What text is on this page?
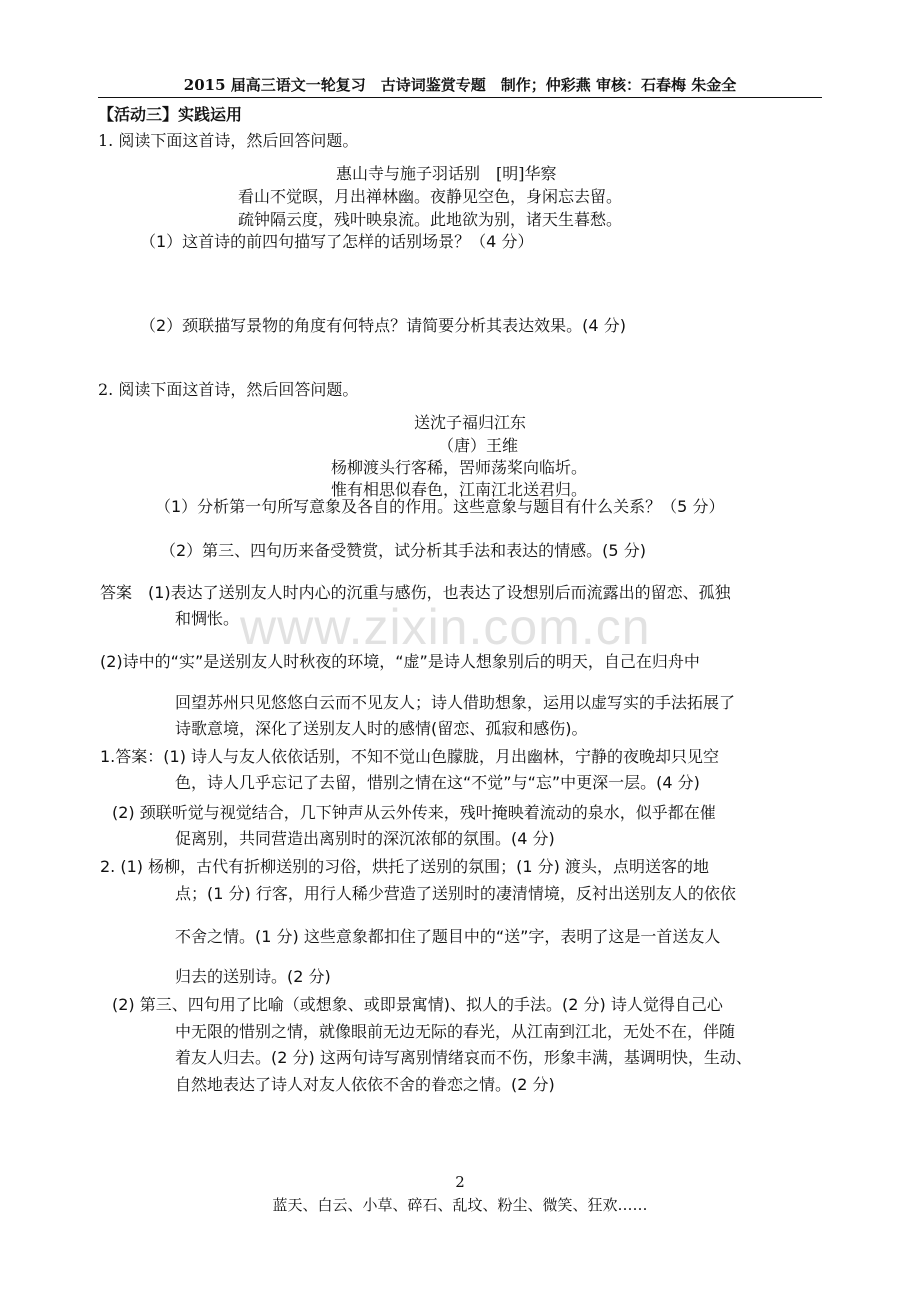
2015 届高三语文一轮复习　古诗词鉴赏专题　制作；仲彩燕 审核：石春梅 朱金全
【活动三】实践运用
1. 阅读下面这首诗，然后回答问题。
惠山寺与施子羽话别　[明]华察
看山不觉暝，月出禅林幽。夜静见空色，身闲忘去留。
疏钟隔云度，残叶映泉流。此地欲为别，诸天生暮愁。
（1）这首诗的前四句描写了怎样的话别场景？（4 分）
（2）颈联描写景物的角度有何特点？请简要分析其表达效果。(4 分)
2. 阅读下面这首诗，然后回答问题。
送沈子福归江东
（唐）王维
杨柳渡头行客稀，罟师荡桨向临圻。
惟有相思似春色，江南江北送君归。
（1）分析第一句所写意象及各自的作用。这些意象与题目有什么关系？（5 分）
（2）第三、四句历来备受赞赏，试分析其手法和表达的情感。(5 分)
答案　(1)表达了送别友人时内心的沉重与感伤，也表达了设想别后而流露出的留恋、孤独
和惆怅。
(2)诗中的“实”是送别友人时秋夜的环境，“虚”是诗人想象别后的明天，自己在归舟中
回望苏州只见悠悠白云而不见友人；诗人借助想象，运用以虚写实的手法拓展了
诗歌意境，深化了送别友人时的感情(留恋、孤寂和感伤)。
1.答案：(1) 诗人与友人依依话别，不知不觉山色朦胧，月出幽林，宁静的夜晚却只见空
色，诗人几乎忘记了去留，惜别之情在这“不觉”与“忘”中更深一层。(4 分)
(2) 颈联听觉与视觉结合，几下钟声从云外传来，残叶掩映着流动的泉水，似乎都在催
促离别，共同营造出离别时的深沉浓郁的氛围。(4 分)
2. (1) 杨柳，古代有折柳送别的习俗，烘托了送别的氛围；(1 分) 渡头，点明送客的地
点；(1 分) 行客，用行人稀少营造了送别时的凄清情境，反衬出送别友人的依依
不舍之情。(1 分) 这些意象都扣住了题目中的“送”字，表明了这是一首送友人
归去的送别诗。(2 分)
(2) 第三、四句用了比喻（或想象、或即景寓情)、拟人的手法。(2 分) 诗人觉得自己心
中无限的惜别之情，就像眼前无边无际的春光，从江南到江北，无处不在，伴随
着友人归去。(2 分) 这两句诗写离别情绪哀而不伤，形象丰满，基调明快，生动、
自然地表达了诗人对友人依依不舍的眷恋之情。(2 分)
www.zixin.com.cn
2
蓝天、白云、小草、碎石、乱坟、粉尘、微笑、狂欢……
